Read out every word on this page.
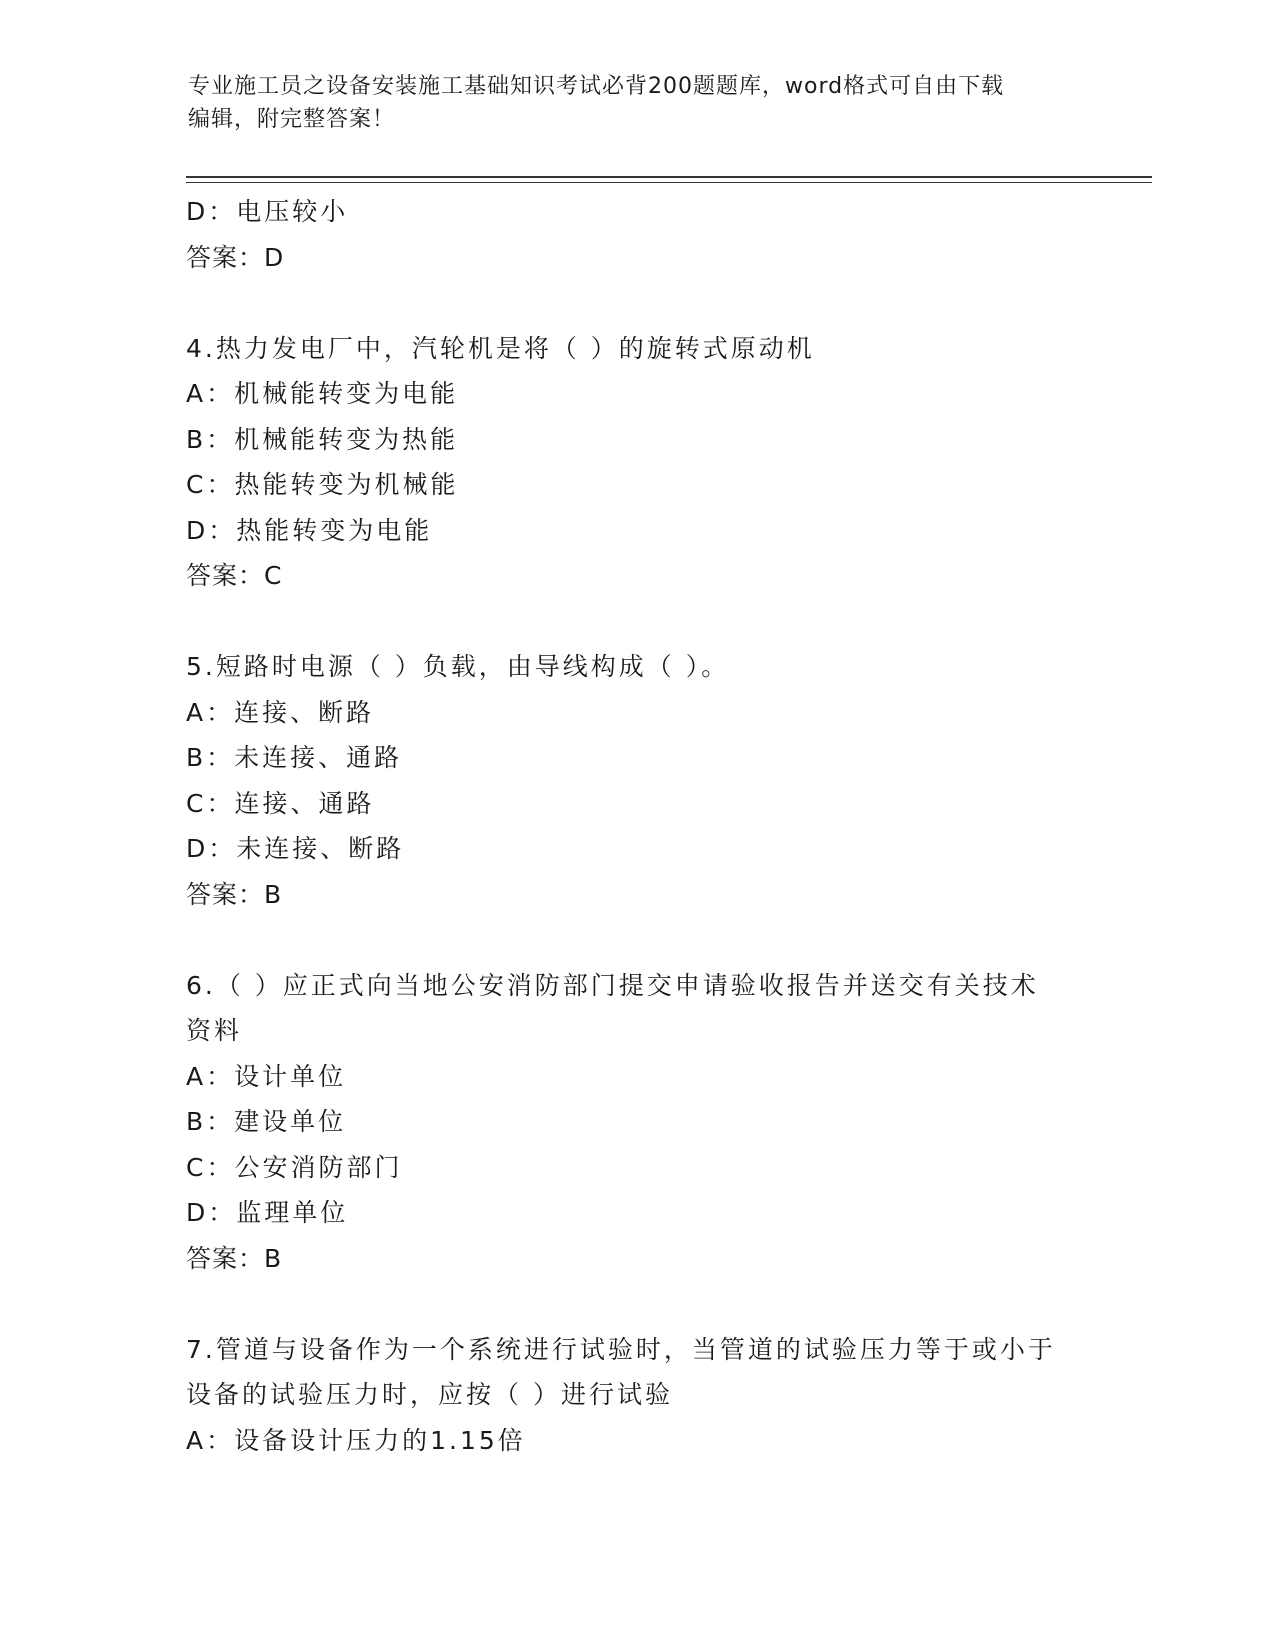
专业施工员之设备安装施工基础知识考试必背200题题库，word格式可自由下载
编辑，附完整答案！
D：电压较小
答案：D
4.热力发电厂中，汽轮机是将（ ）的旋转式原动机
A：机械能转变为电能
B：机械能转变为热能
C：热能转变为机械能
D：热能转变为电能
答案：C
5.短路时电源（ ）负载，由导线构成（ ）。
A：连接、断路
B：未连接、通路
C：连接、通路
D：未连接、断路
答案：B
6.（ ）应正式向当地公安消防部门提交申请验收报告并送交有关技术资料
A：设计单位
B：建设单位
C：公安消防部门
D：监理单位
答案：B
7.管道与设备作为一个系统进行试验时，当管道的试验压力等于或小于设备的试验压力时，应按（ ）进行试验
A：设备设计压力的1.15倍
